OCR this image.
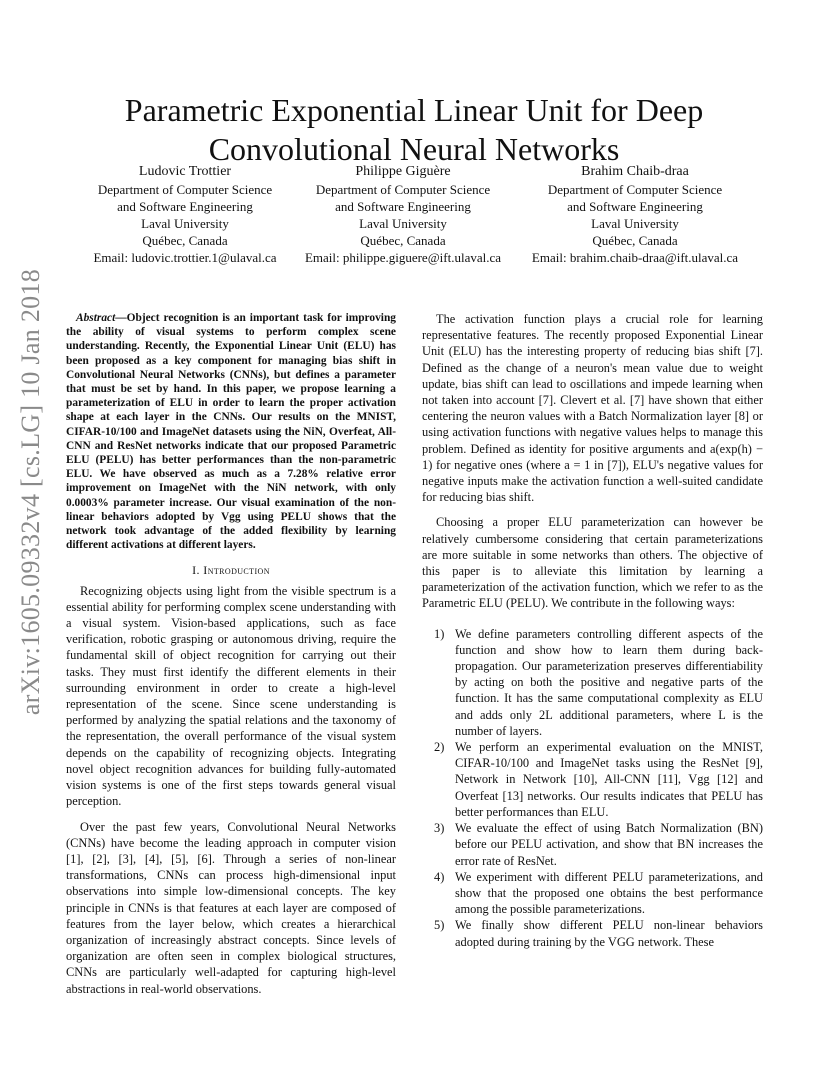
arXiv:1605.09332v4 [cs.LG] 10 Jan 2018
Parametric Exponential Linear Unit for Deep Convolutional Neural Networks
Ludovic Trottier
Department of Computer Science
and Software Engineering
Laval University
Québec, Canada
Email: ludovic.trottier.1@ulaval.ca
Philippe Giguère
Department of Computer Science
and Software Engineering
Laval University
Québec, Canada
Email: philippe.giguere@ift.ulaval.ca
Brahim Chaib-draa
Department of Computer Science
and Software Engineering
Laval University
Québec, Canada
Email: brahim.chaib-draa@ift.ulaval.ca
Abstract—Object recognition is an important task for improving the ability of visual systems to perform complex scene understanding. Recently, the Exponential Linear Unit (ELU) has been proposed as a key component for managing bias shift in Convolutional Neural Networks (CNNs), but defines a parameter that must be set by hand. In this paper, we propose learning a parameterization of ELU in order to learn the proper activation shape at each layer in the CNNs. Our results on the MNIST, CIFAR-10/100 and ImageNet datasets using the NiN, Overfeat, All-CNN and ResNet networks indicate that our proposed Parametric ELU (PELU) has better performances than the non-parametric ELU. We have observed as much as a 7.28% relative error improvement on ImageNet with the NiN network, with only 0.0003% parameter increase. Our visual examination of the non-linear behaviors adopted by Vgg using PELU shows that the network took advantage of the added flexibility by learning different activations at different layers.
I. Introduction

Recognizing objects using light from the visible spectrum is a essential ability for performing complex scene understanding with a visual system. Vision-based applications, such as face verification, robotic grasping or autonomous driving, require the fundamental skill of object recognition for carrying out their tasks. They must first identify the different elements in their surrounding environment in order to create a high-level representation of the scene. Since scene understanding is performed by analyzing the spatial relations and the taxonomy of the representation, the overall performance of the visual system depends on the capability of recognizing objects. Integrating novel object recognition advances for building fully-automated vision systems is one of the first steps towards general visual perception.

Over the past few years, Convolutional Neural Networks (CNNs) have become the leading approach in computer vision [1], [2], [3], [4], [5], [6]. Through a series of non-linear transformations, CNNs can process high-dimensional input observations into simple low-dimensional concepts. The key principle in CNNs is that features at each layer are composed of features from the layer below, which creates a hierarchical organization of increasingly abstract concepts. Since levels of organization are often seen in complex biological structures, CNNs are particularly well-adapted for capturing high-level abstractions in real-world observations.

The activation function plays a crucial role for learning representative features. The recently proposed Exponential Linear Unit (ELU) has the interesting property of reducing bias shift [7]. Defined as the change of a neuron's mean value due to weight update, bias shift can lead to oscillations and impede learning when not taken into account [7]. Clevert et al. [7] have shown that either centering the neuron values with a Batch Normalization layer [8] or using activation functions with negative values helps to manage this problem. Defined as identity for positive arguments and a(exp(h) − 1) for negative ones (where a = 1 in [7]), ELU's negative values for negative inputs make the activation function a well-suited candidate for reducing bias shift.

Choosing a proper ELU parameterization can however be relatively cumbersome considering that certain parameterizations are more suitable in some networks than others. The objective of this paper is to alleviate this limitation by learning a parameterization of the activation function, which we refer to as the Parametric ELU (PELU). We contribute in the following ways:

1) We define parameters controlling different aspects of the function and show how to learn them during back-propagation. Our parameterization preserves differentiability by acting on both the positive and negative parts of the function. It has the same computational complexity as ELU and adds only 2L additional parameters, where L is the number of layers.
2) We perform an experimental evaluation on the MNIST, CIFAR-10/100 and ImageNet tasks using the ResNet [9], Network in Network [10], All-CNN [11], Vgg [12] and Overfeat [13] networks. Our results indicates that PELU has better performances than ELU.
3) We evaluate the effect of using Batch Normalization (BN) before our PELU activation, and show that BN increases the error rate of ResNet.
4) We experiment with different PELU parameterizations, and show that the proposed one obtains the best performance among the possible parameterizations.
5) We finally show different PELU non-linear behaviors adopted during training by the VGG network. These
